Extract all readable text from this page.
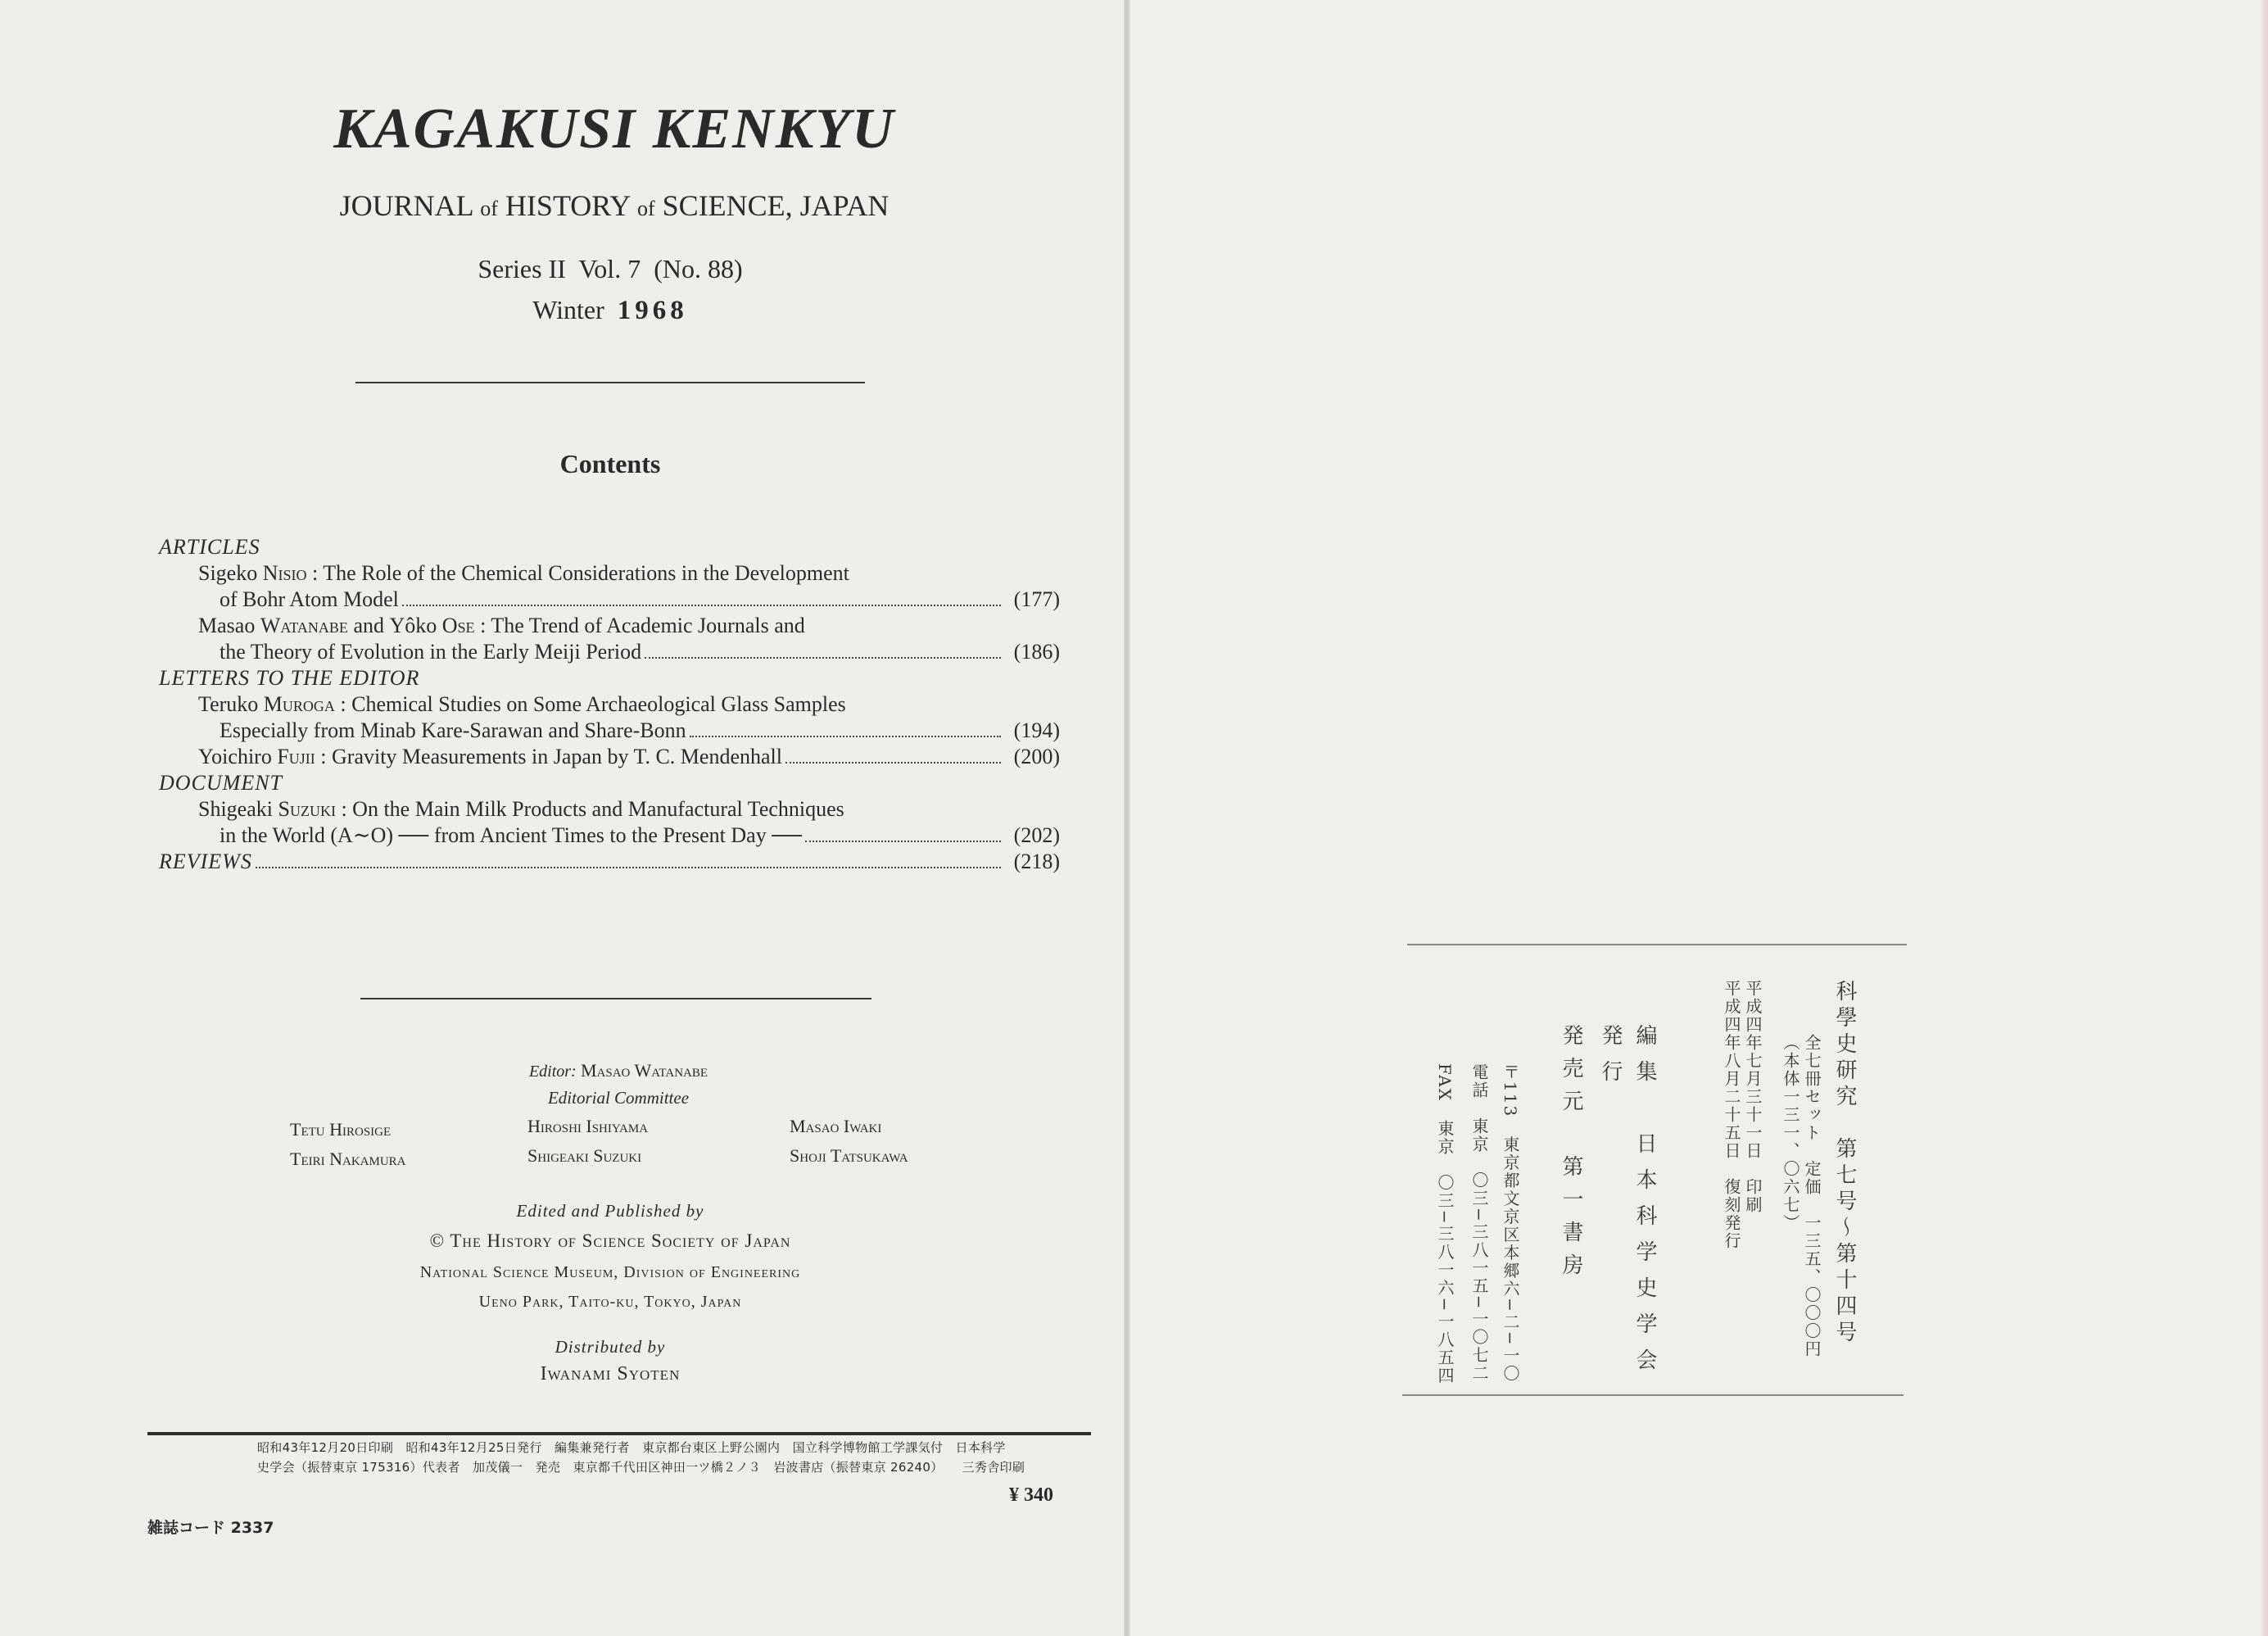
KAGAKUSI KENKYU
JOURNAL of HISTORY of SCIENCE, JAPAN
Series II  Vol. 7  (No. 88)
Winter 1968
Contents
ARTICLES
Sigeko
Nisio
: The Role of the Chemical Considerations in the Development
of Bohr Atom Model	(177)
Masao
Watanabe
and
Yôko
Ose
: The Trend of Academic Journals and
the Theory of Evolution in the Early Meiji Period	(186)
LETTERS TO THE EDITOR
Teruko
Muroga
: Chemical Studies on Some Archaeological Glass Samples
Especially from Minab Kare-Sarawan and Share-Bonn	(194)
Yoichiro
Fujii
: Gravity Measurements in Japan by T. C. Mendenhall	(200)
DOCUMENT
Shigeaki
Suzuki
: On the Main Milk Products and Manufactural Techniques
in the World (A∼O) ── from Ancient Times to the Present Day ──	(202)
REVIEWS	(218)
Editor: Masao Watanabe
Editorial Committee
Tetu Hirosige	Hiroshi Ishiyama	Masao Iwaki
Teiri Nakamura	Shigeaki Suzuki	Shoji Tatsukawa
Edited and Published by
© The History of Science Society of Japan
National Science Museum, Division of Engineering
Ueno Park, Taito-ku, Tokyo, Japan
Distributed by
Iwanami Syoten
昭和43年12月20日印刷　昭和43年12月25日発行　編集兼発行者　東京都台東区上野公園内　国立科学博物館工学課気付　日本科学
史学会（振替東京 175316）代表者　加茂儀一　発売　東京都千代田区神田一ツ橋２ノ３　岩波書店（振替東京 26240）　　三秀舎印刷
¥ 340
雑誌コード 2337
科學史研究　第七号〜第十四号
全七冊セット　定価　一三五、〇〇〇円
（本体一三一、〇六七）
平成四年七月三十一日　印刷
平成四年八月二十五日　復刻発行
編集　日本科学史学会
発行
発売元　第一書房
〒113　東京都文京区本郷六−二−一〇
電話　東京　〇三−三八一五−一〇七二
FAX　東京　〇三−三八一六−一八五四
